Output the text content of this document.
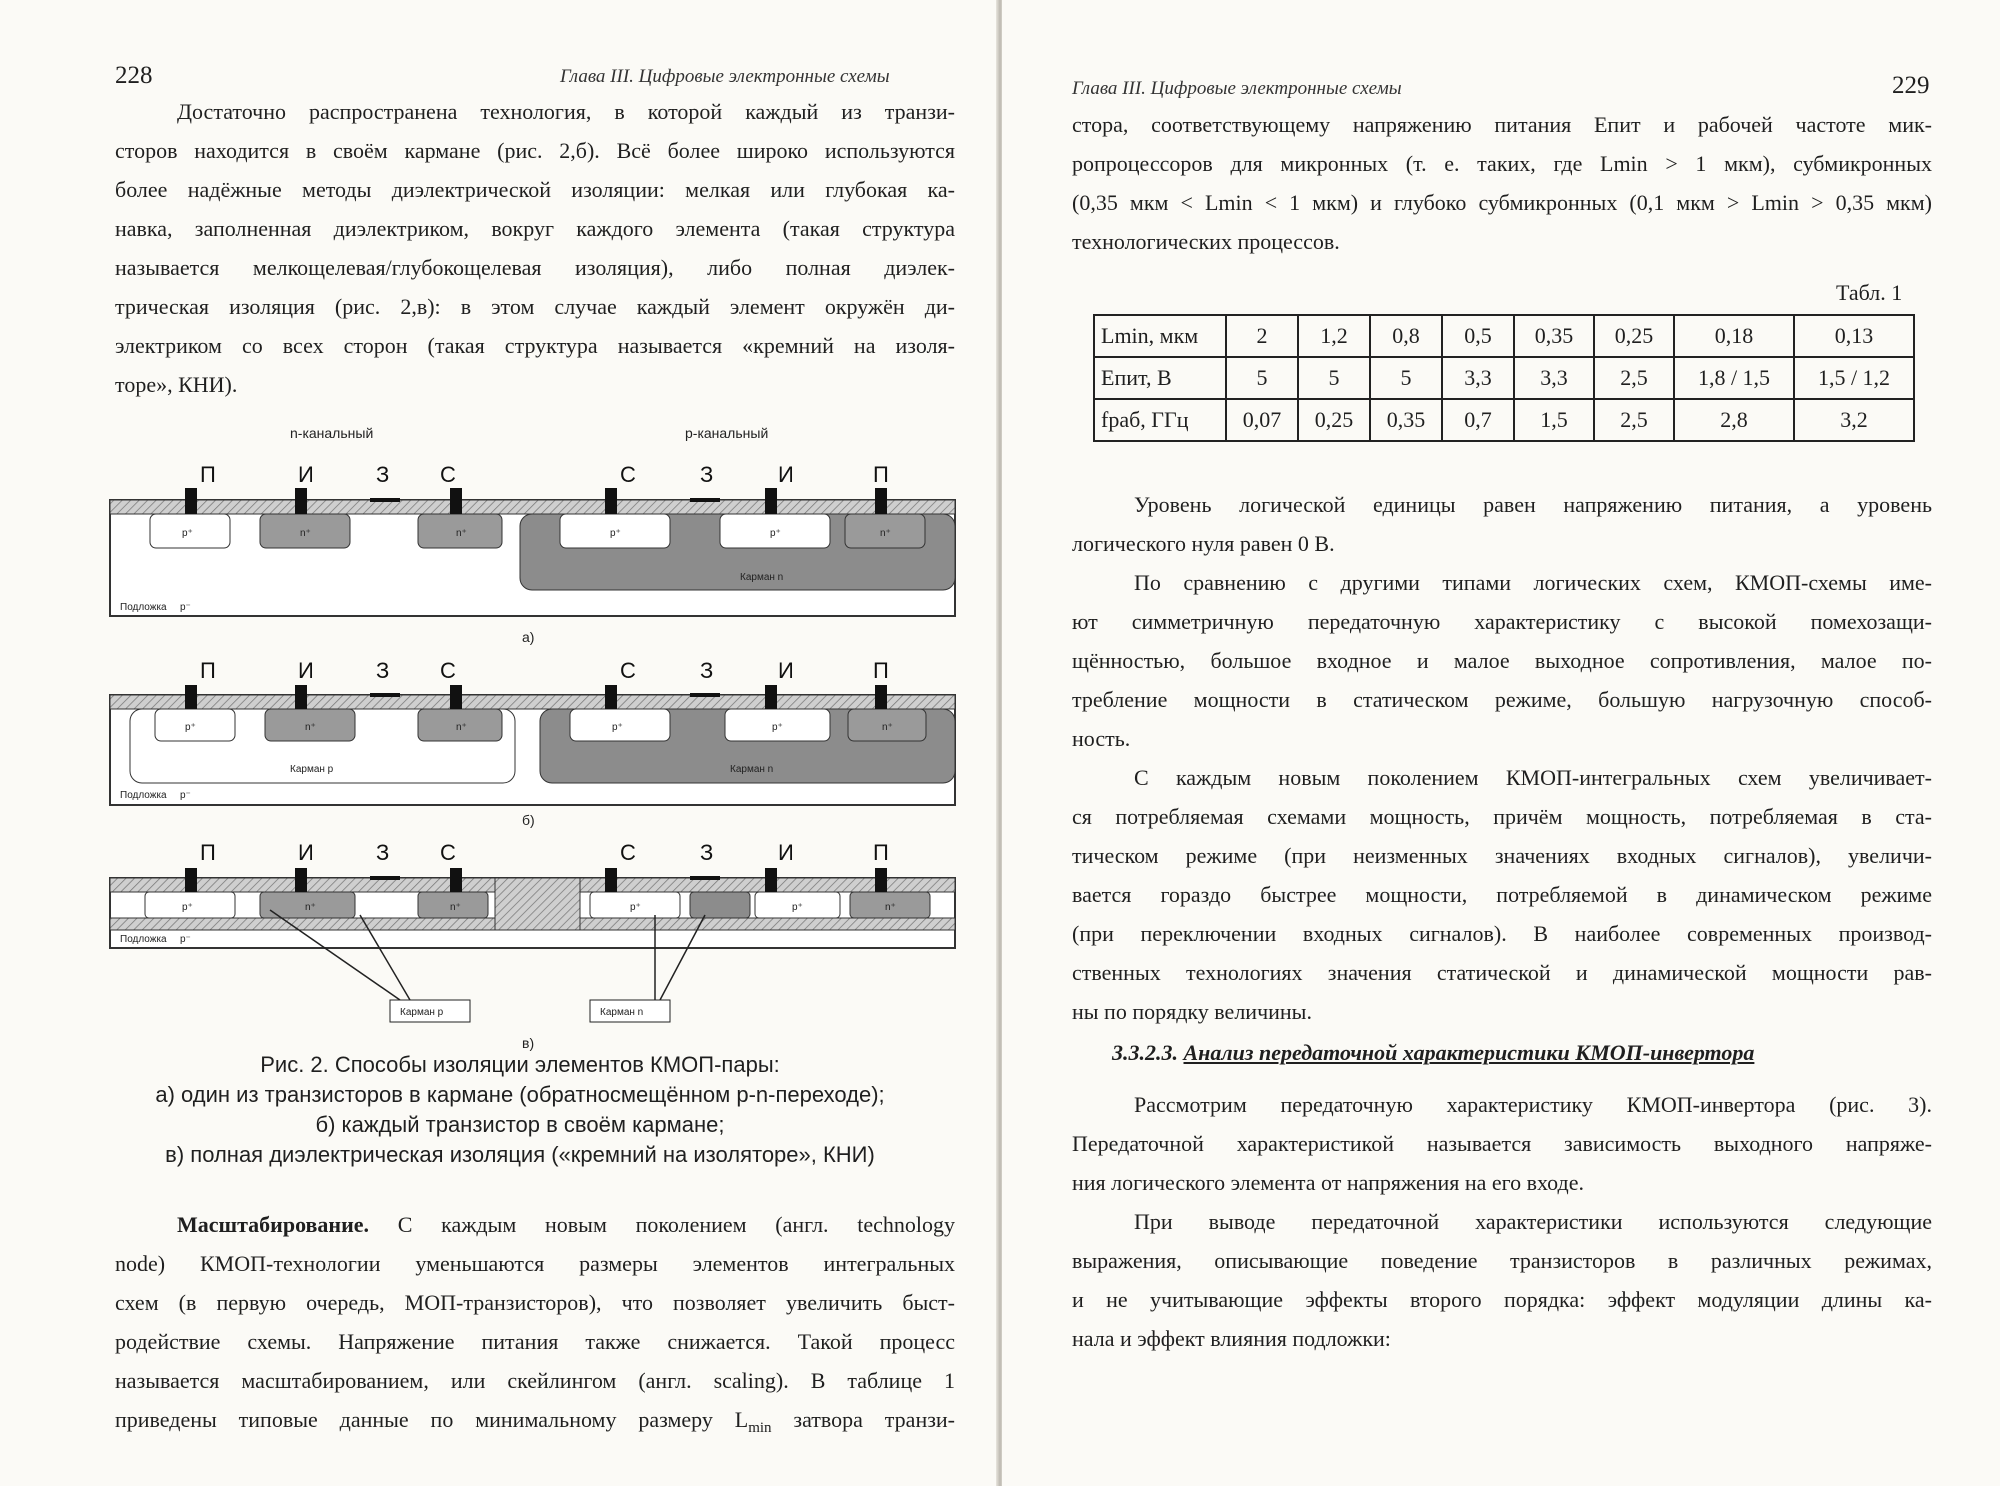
228	Глава III. Цифровые электронные схемы
Достаточно распространена технология, в которой каждый из транзи-
сторов находится в своём кармане (рис. 2,б). Всё более широко используются
более надёжные методы диэлектрической изоляции: мелкая или глубокая ка-
навка, заполненная диэлектриком, вокруг каждого элемента (такая структура
называется мелкощелевая/глубокощелевая изоляция), либо полная диэлек-
трическая изоляция (рис. 2,в): в этом случае каждый элемент окружён ди-
электриком со всех сторон (такая структура называется «кремний на изоля-
торе», КНИ).
n-канальный	p-канальный
П	И	З С	С	З	И	П
p⁺	n⁺	n⁺	p⁺	p⁺	n⁺
Карман n
Подложка p⁻
а)
П	И	З С	С	З	И	П
p⁺	n⁺	n⁺	p⁺	p⁺	n⁺
Карман p	Карман n
Подложка p⁻
б)
П	И	З С	С	З	И	П
p⁺	n⁺	n⁺	p⁺	p⁺	n⁺
Подложка p⁻
Карман p	Карман n
в)
Рис. 2. Способы изоляции элементов КМОП-пары:
а) один из транзисторов в кармане (обратносмещённом p-n-переходе);
б) каждый транзистор в своём кармане;
в) полная диэлектрическая изоляция («кремний на изоляторе», КНИ)
Масштабирование. С каждым новым поколением (англ. technology
node) КМОП-технологии уменьшаются размеры элементов интегральных
схем (в первую очередь, МОП-транзисторов), что позволяет увеличить быст-
родействие схемы. Напряжение питания также снижается. Такой процесс
называется масштабированием, или скейлингом (англ. scaling). В таблице 1
приведены типовые данные по минимальному размеру $L_{min}$ затвора транзи-
Глава III. Цифровые электронные схемы	229
стора, соответствующему напряжению питания Eпит и рабочей частоте мик-
ропроцессоров для микронных (т. е. таких, где Lmin > 1 мкм), субмикронных
(0,35 мкм < Lmin < 1 мкм) и глубоко субмикронных (0,1 мкм > Lmin > 0,35 мкм)
технологических процессов.
Табл. 1
Lmin, мкм	2	1,2	0,8	0,5	0,35	0,25	0,18	0,13
Eпит, В	5	5	5	3,3	3,3	2,5	1,8 / 1,5	1,5 / 1,2
fраб, ГГц	0,07	0,25	0,35	0,7	1,5	2,5	2,8	3,2
Уровень логической единицы равен напряжению питания, а уровень
логического нуля равен 0 В.
По сравнению с другими типами логических схем, КМОП-схемы име-
ют симметричную передаточную характеристику с высокой помехозащи-
щённостью, большое входное и малое выходное сопротивления, малое по-
требление мощности в статическом режиме, большую нагрузочную способ-
ность.
С каждым новым поколением КМОП-интегральных схем увеличивает-
ся потребляемая схемами мощность, причём мощность, потребляемая в ста-
тическом режиме (при неизменных значениях входных сигналов), увеличи-
вается гораздо быстрее мощности, потребляемой в динамическом режиме
(при переключении входных сигналов). В наиболее современных производ-
ственных технологиях значения статической и динамической мощности рав-
ны по порядку величины.
3.3.2.3. Анализ передаточной характеристики КМОП-инвертора
Рассмотрим передаточную характеристику КМОП-инвертора (рис. 3).
Передаточной характеристикой называется зависимость выходного напряже-
ния логического элемента от напряжения на его входе.
При выводе передаточной характеристики используются следующие
выражения, описывающие поведение транзисторов в различных режимах,
и не учитывающие эффекты второго порядка: эффект модуляции длины ка-
нала и эффект влияния подложки:
